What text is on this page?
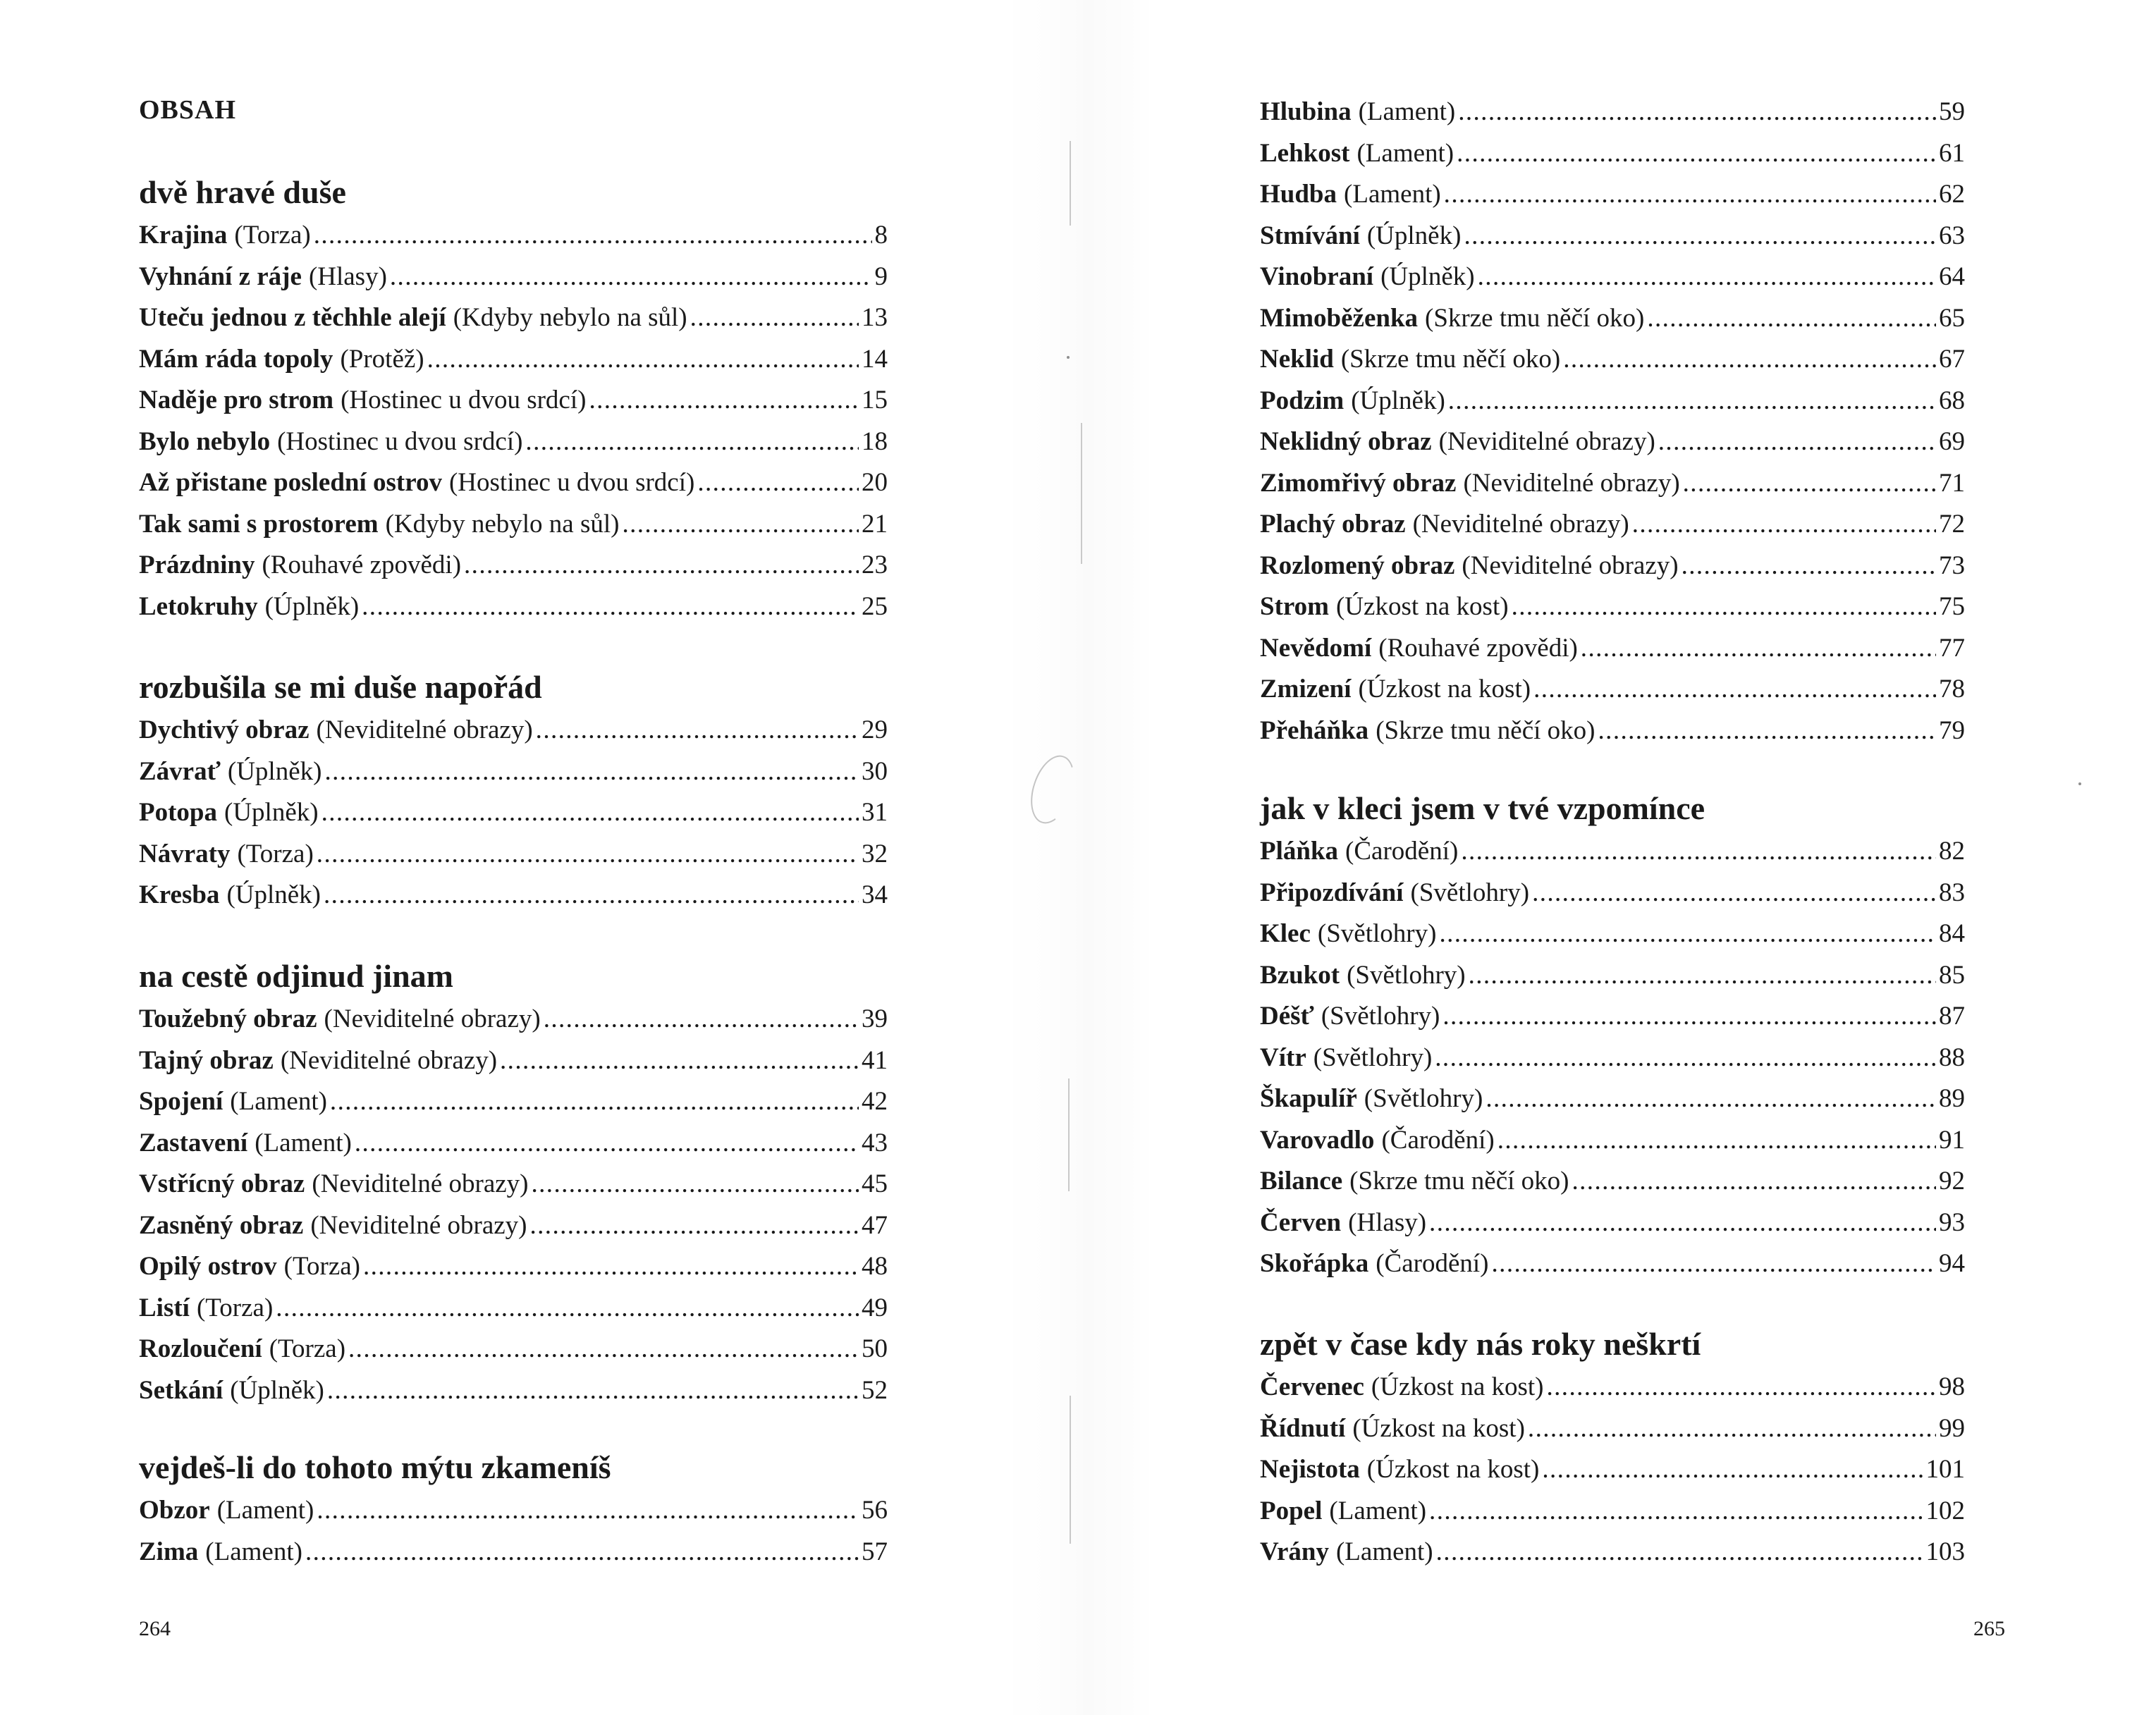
OBSAH
dvě hravé duše
Krajina (Torza) .....	8
Vyhnání z ráje (Hlasy) .....	9
Uteču jednou z těchhle alejí (Kdyby nebylo na sůl) .....	13
Mám ráda topoly (Protěž) .....	14
Naděje pro strom (Hostinec u dvou srdcí) .....	15
Bylo nebylo (Hostinec u dvou srdcí) .....	18
Až přistane poslední ostrov (Hostinec u dvou srdcí) .....	20
Tak sami s prostorem (Kdyby nebylo na sůl) .....	21
Prázdniny (Rouhavé zpovědi) .....	23
Letokruhy (Úplněk) .....	25
rozbušila se mi duše napořád
Dychtivý obraz (Neviditelné obrazy) .....	29
Závrať (Úplněk) .....	30
Potopa (Úplněk) .....	31
Návraty (Torza) .....	32
Kresba (Úplněk) .....	34
na cestě odjinud jinam
Toužebný obraz (Neviditelné obrazy) .....	39
Tajný obraz (Neviditelné obrazy) .....	41
Spojení (Lament) .....	42
Zastavení (Lament) .....	43
Vstřícný obraz (Neviditelné obrazy) .....	45
Zasněný obraz (Neviditelné obrazy) .....	47
Opilý ostrov (Torza) .....	48
Listí (Torza) .....	49
Rozloučení (Torza) .....	50
Setkání (Úplněk) .....	52
vejdeš-li do tohoto mýtu zkameníš
Obzor (Lament) .....	56
Zima (Lament) .....	57
264
Hlubina (Lament) .....	59
Lehkost (Lament) .....	61
Hudba (Lament) .....	62
Stmívání (Úplněk) .....	63
Vinobraní (Úplněk) .....	64
Mimoběženka (Skrze tmu něčí oko) .....	65
Neklid (Skrze tmu něčí oko) .....	67
Podzim (Úplněk) .....	68
Neklidný obraz (Neviditelné obrazy) .....	69
Zimomřivý obraz (Neviditelné obrazy) .....	71
Plachý obraz (Neviditelné obrazy) .....	72
Rozlomený obraz (Neviditelné obrazy) .....	73
Strom (Úzkost na kost) .....	75
Nevědomí (Rouhavé zpovědi) .....	77
Zmizení (Úzkost na kost) .....	78
Přeháňka (Skrze tmu něčí oko) .....	79
jak v kleci jsem v tvé vzpomínce
Pláňka (Čarodění) .....	82
Připozdívání (Světlohry) .....	83
Klec (Světlohry) .....	84
Bzukot (Světlohry) .....	85
Déšť (Světlohry) .....	87
Vítr (Světlohry) .....	88
Škapulíř (Světlohry) .....	89
Varovadlo (Čarodění) .....	91
Bilance (Skrze tmu něčí oko) .....	92
Červen (Hlasy) .....	93
Skořápka (Čarodění) .....	94
zpět v čase kdy nás roky neškrtí
Červenec (Úzkost na kost) .....	98
Řídnutí (Úzkost na kost) .....	99
Nejistota (Úzkost na kost) .....	101
Popel (Lament) .....	102
Vrány (Lament) .....	103
265
